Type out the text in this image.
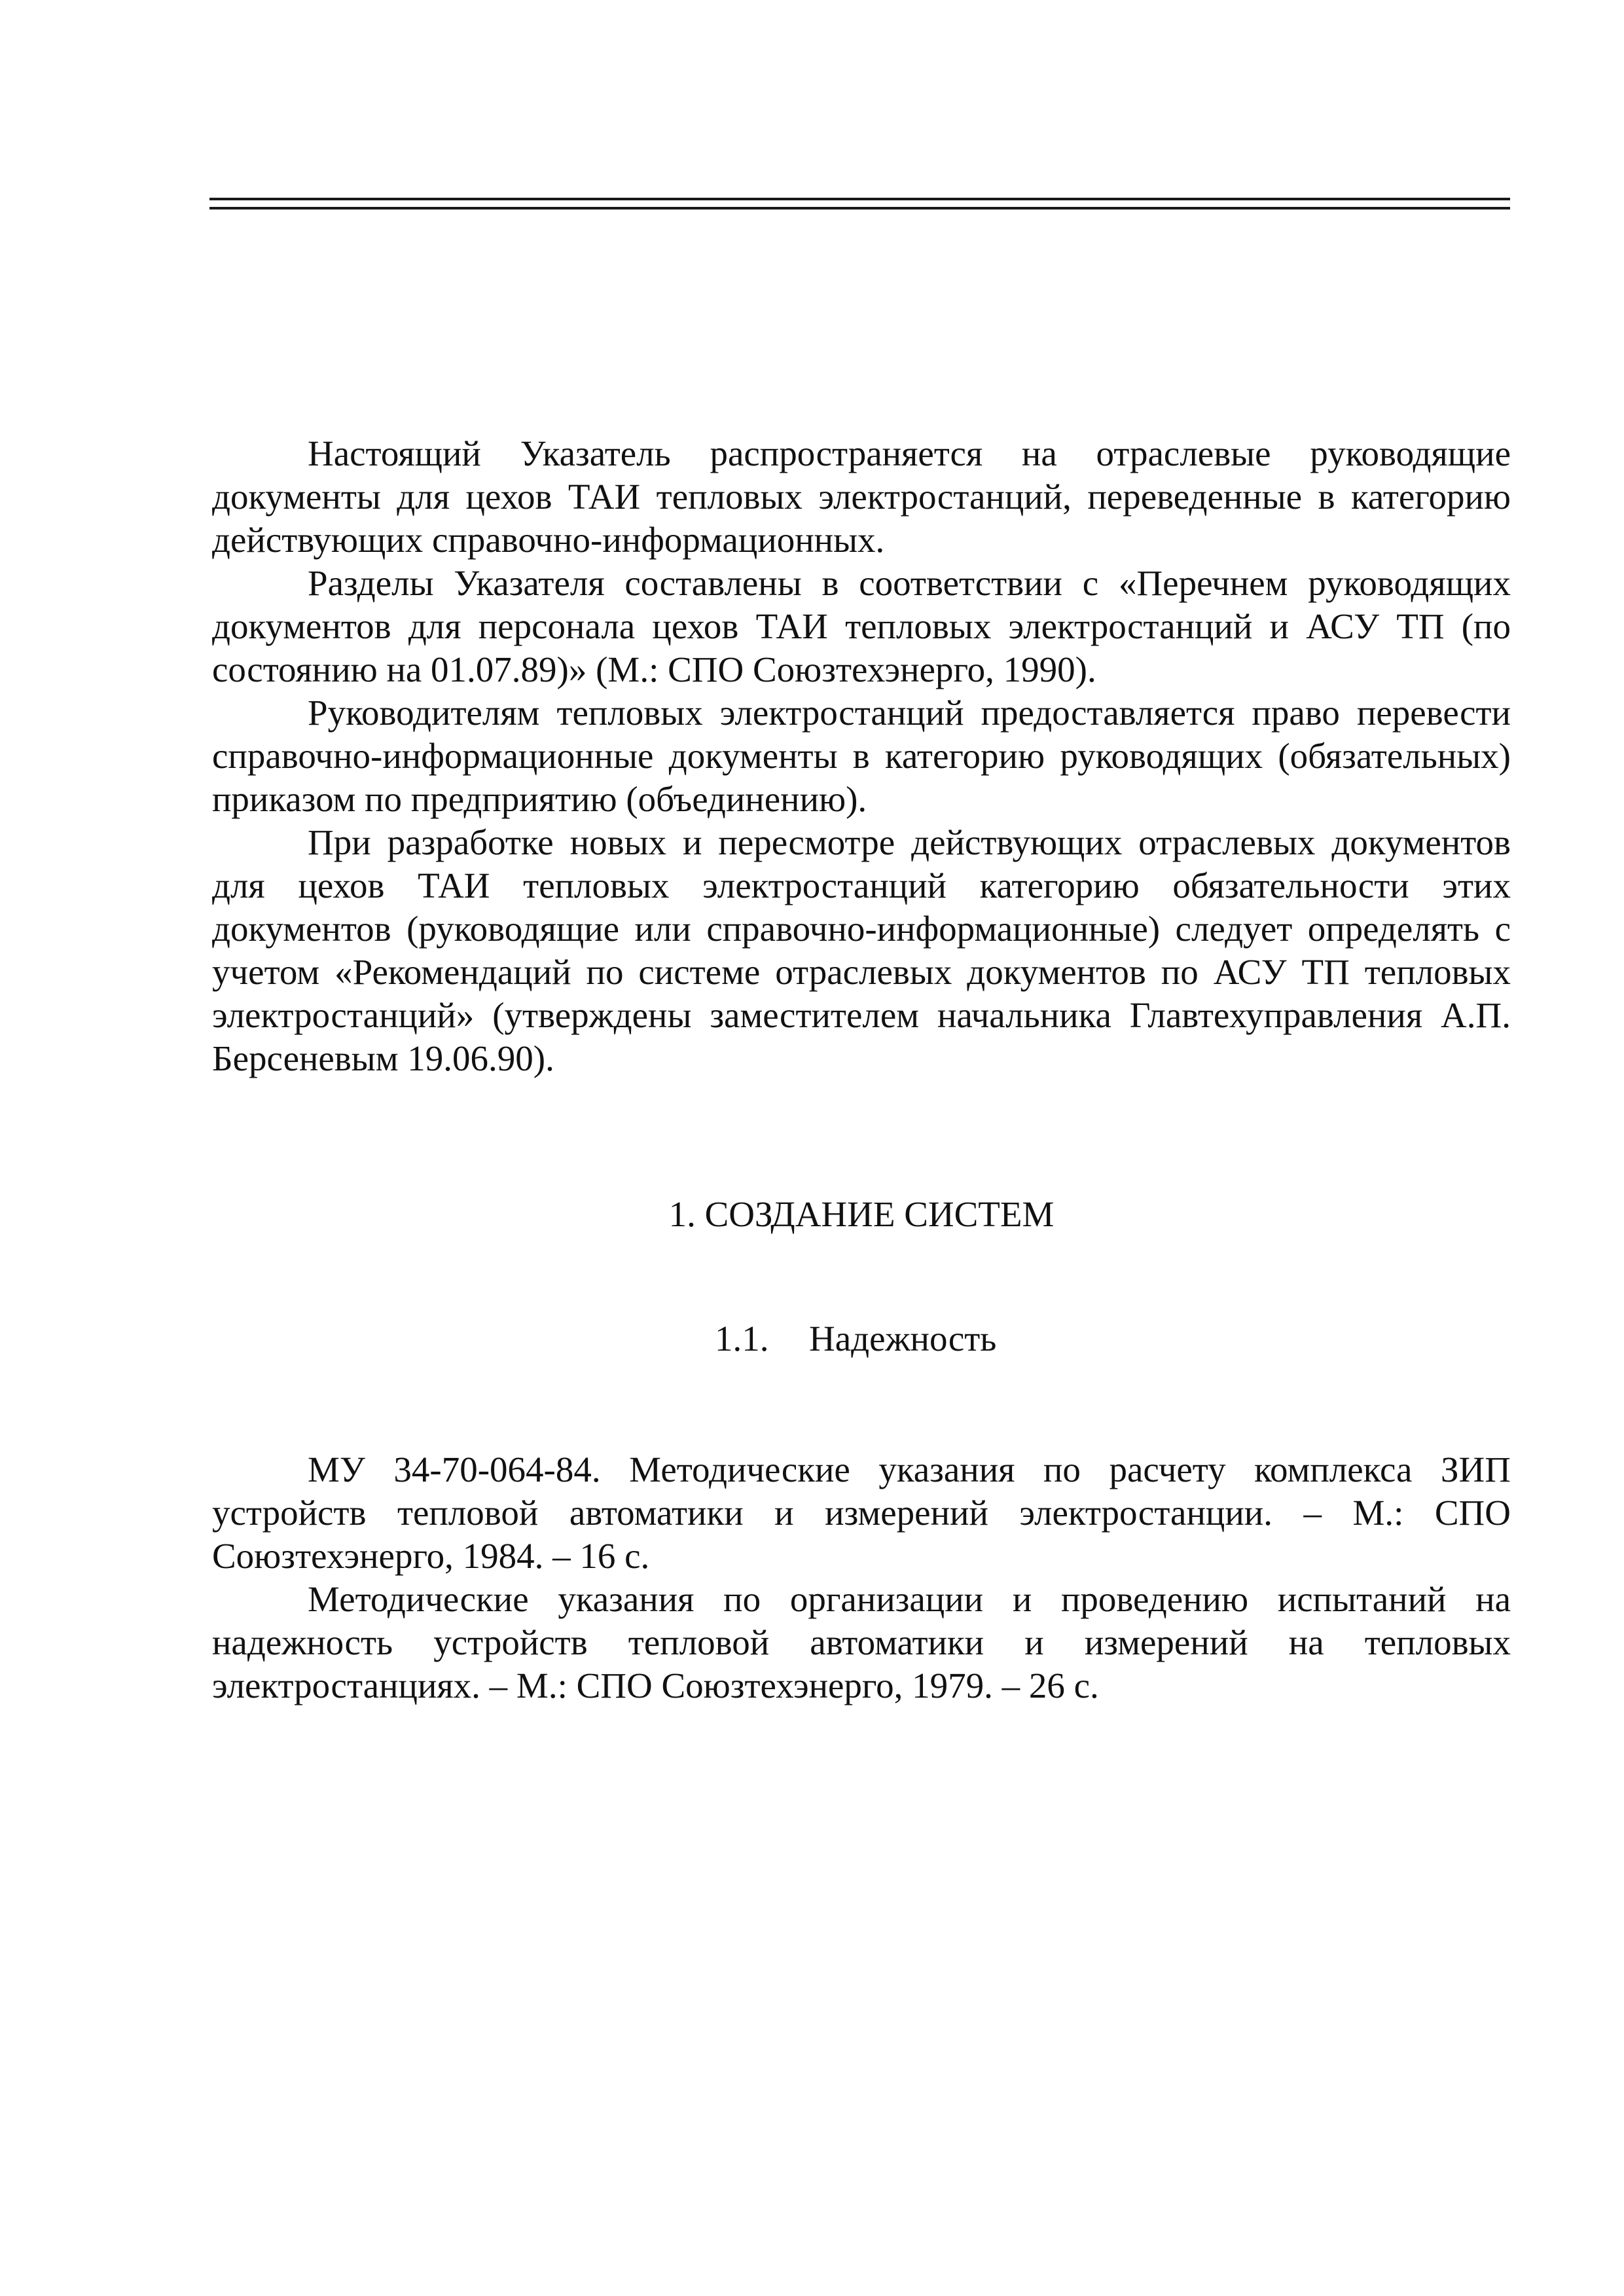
Настоящий Указатель распространяется на отраслевые руководящие документы для цехов ТАИ тепловых электростанций, переведенные в категорию действующих справочно-информационных.

Разделы Указателя составлены в соответствии с «Перечнем руководящих документов для персонала цехов ТАИ тепловых электростанций и АСУ ТП (по состоянию на 01.07.89)» (М.: СПО Союзтехэнерго, 1990).

Руководителям тепловых электростанций предоставляется право перевести справочно-информационные документы в категорию руководящих (обязательных) приказом по предприятию (объединению).

При разработке новых и пересмотре действующих отраслевых документов для цехов ТАИ тепловых электростанций категорию обязательности этих документов (руководящие или справочно-информационные) следует определять с учетом «Рекомендаций по системе отраслевых документов по АСУ ТП тепловых электростанций» (утверждены заместителем начальника Главтехуправления А.П. Берсеневым 19.06.90).

1. СОЗДАНИЕ СИСТЕМ
1.1. Надежность

МУ 34-70-064-84. Методические указания по расчету комплекса ЗИП устройств тепловой автоматики и измерений электростанции. – М.: СПО Союзтехэнерго, 1984. – 16 с.

Методические указания по организации и проведению испытаний на надежность устройств тепловой автоматики и измерений на тепловых электростанциях. – М.: СПО Союзтехэнерго, 1979. – 26 с.
